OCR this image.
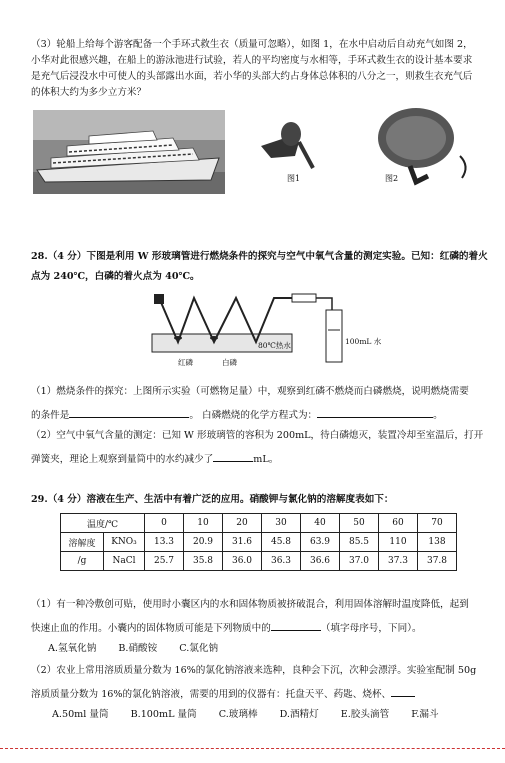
（3）轮船上给每个游客配备一个手环式救生衣（质量可忽略），如图 1，在水中启动后自动充气如图 2，
小华对此很感兴趣，在船上的游泳池进行试验，若人的平均密度与水相等，手环式救生衣的设计基本要求
是充气后浸没水中可使人的头部露出水面，若小华的头部大约占身体总体积的八分之一，则救生衣充气后
的体积大约为多少立方米？
图1	图2
28.（4 分）下图是利用 W 形玻璃管进行燃烧条件的探究与空气中氧气含量的测定实验。已知：红磷的着火
点为 240℃，白磷的着火点为 40℃。
80℃热水	100mL 水
红磷	白磷
（1）燃烧条件的探究：上图所示实验（可燃物足量）中，观察到红磷不燃烧而白磷燃烧，说明燃烧需要
的条件是	。 白磷燃烧的化学方程式为：	。
（2）空气中氧气含量的测定：已知 W 形玻璃管的容积为 200mL，待白磷熄灭，装置冷却至室温后，打开
弹簧夹，理论上观察到量筒中的水约减少了	mL。
29.（4 分）溶液在生产、生活中有着广泛的应用。硝酸钾与氯化钠的溶解度表如下：
温度/℃		0	10	20	30	40	50	60	70
溶解度	KNO₃	13.3	20.9	31.6	45.8	63.9	85.5	110	138
/g	NaCl	25.7	35.8	36.0	36.3	36.6	37.0	37.3	37.8
（1）有一种冷敷创可贴，使用时小囊区内的水和固体物质被挤破混合，利用固体溶解时温度降低，起到
快速止血的作用。小囊内的固体物质可能是下列物质中的	（填字母序号，下同）。
A.氢氧化钠 B.硝酸铵 C.氯化钠
（2）农业上常用溶质质量分数为 16%的氯化钠溶液来选种，良种会下沉，次种会漂浮。实验室配制 50g
溶质质量分数为 16%的氯化钠溶液，需要的用到的仪器有：托盘天平、药匙、烧杯、
A.50ml 量筒 B.100mL 量筒 C.玻璃棒 D.酒精灯 E.胶头滴管 F.漏斗
